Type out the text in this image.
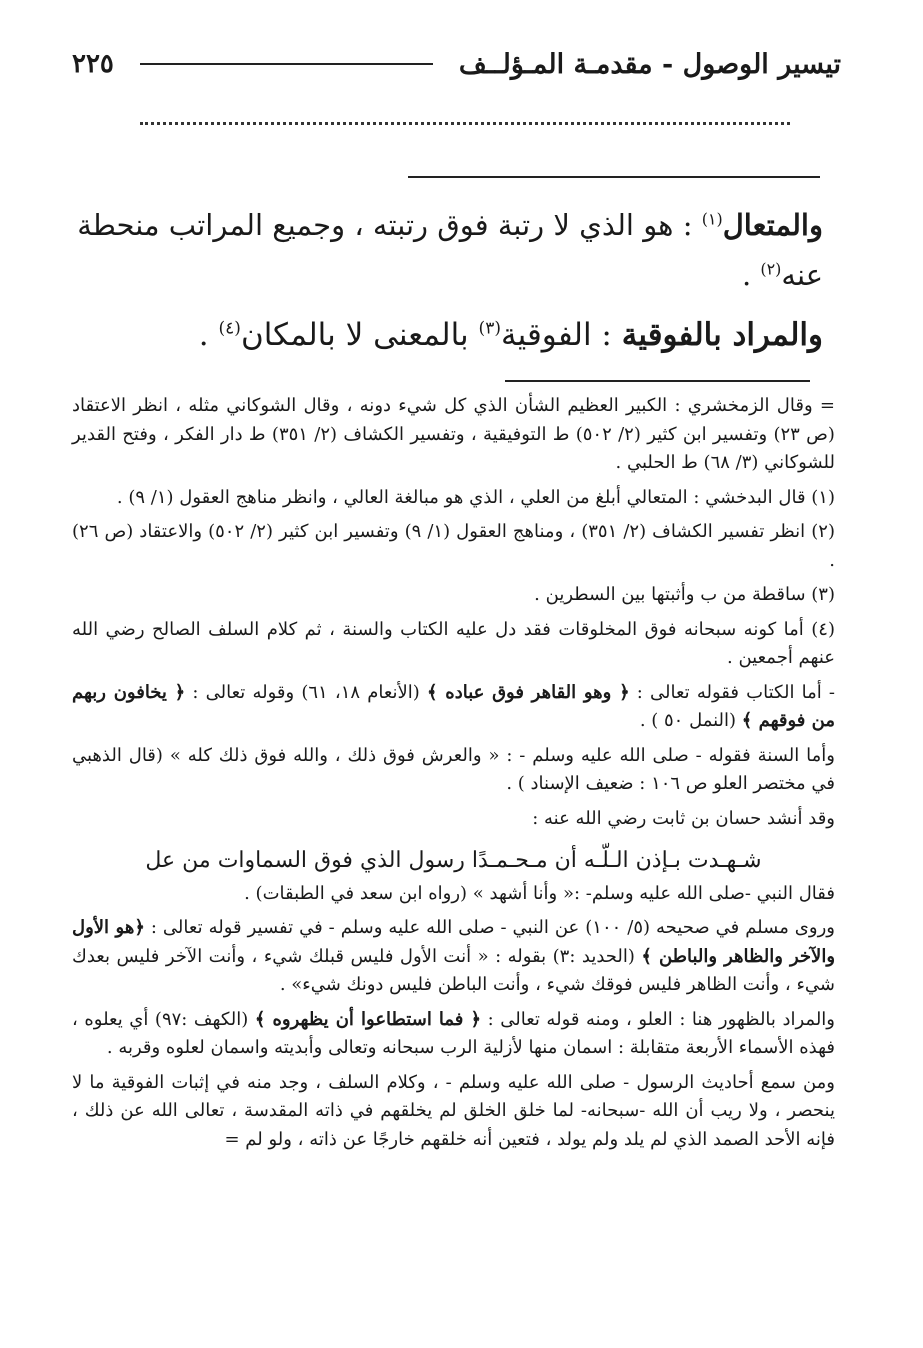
تيسير الوصول - مقدمـة المـؤلــف
٢٢٥
والمتعال$^{(١)}$ : هو الذي لا رتبة فوق رتبته ، وجميع المراتب منحطة عنه$^{(٢)}$ .
والمراد بالفوقية : الفوقية$^{(٣)}$ بالمعنى لا بالمكان$^{(٤)}$ .

= وقال الزمخشري : الكبير العظيم الشأن الذي كل شيء دونه ، وقال الشوكاني مثله ، انظر الاعتقاد (ص ٢٣) وتفسير ابن كثير (٢/ ٥٠٢) ط التوفيقية ، وتفسير الكشاف (٢/ ٣٥١) ط دار الفكر ، وفتح القدير للشوكاني (٣/ ٦٨) ط الحلبي .

(١) قال البدخشي : المتعالي أبلغ من العلي ، الذي هو مبالغة العالي ، وانظر مناهج العقول (١/ ٩) .

(٢) انظر تفسير الكشاف (٢/ ٣٥١) ، ومناهج العقول (١/ ٩) وتفسير ابن كثير (٢/ ٥٠٢) والاعتقاد (ص ٢٦) .

(٣) ساقطة من ب وأثبتها بين السطرين .

(٤) أما كونه سبحانه فوق المخلوقات فقد دل عليه الكتاب والسنة ، ثم كلام السلف الصالح رضي الله عنهم أجمعين .

- أما الكتاب فقوله تعالى : ﴿ وهو القاهر فوق عباده ﴾ (الأنعام ١٨، ٦١) وقوله تعالى : ﴿ يخافون ربهم من فوقهم ﴾ (النمل ٥٠ ) .

وأما السنة فقوله - صلى الله عليه وسلم - : « والعرش فوق ذلك ، والله فوق ذلك كله » (قال الذهبي في مختصر العلو ص ١٠٦ : ضعيف الإسناد ) .

وقد أنشد حسان بن ثابت رضي الله عنه :

شـهـدت بـإذن الـلّـه أن مـحـمـدًا رسول الذي فوق السماوات من عل

فقال النبي -صلى الله عليه وسلم- :« وأنا أشهد » (رواه ابن سعد في الطبقات) .

وروى مسلم في صحيحه (٥/ ١٠٠) عن النبي - صلى الله عليه وسلم - في تفسير قوله تعالى : ﴿هو الأول والآخر والظاهر والباطن ﴾ (الحديد :٣) بقوله : « أنت الأول فليس قبلك شيء ، وأنت الآخر فليس بعدك شيء ، وأنت الظاهر فليس فوقك شيء ، وأنت الباطن فليس دونك شيء» .

والمراد بالظهور هنا : العلو ، ومنه قوله تعالى : ﴿ فما استطاعوا أن يظهروه ﴾ (الكهف :٩٧) أي يعلوه ، فهذه الأسماء الأربعة متقابلة : اسمان منها لأزلية الرب سبحانه وتعالى وأبديته واسمان لعلوه وقربه .

ومن سمع أحاديث الرسول - صلى الله عليه وسلم - ، وكلام السلف ، وجد منه في إثبات الفوقية ما لا ينحصر ، ولا ريب أن الله -سبحانه- لما خلق الخلق لم يخلقهم في ذاته المقدسة ، تعالى الله عن ذلك ، فإنه الأحد الصمد الذي لم يلد ولم يولد ، فتعين أنه خلقهم خارجًا عن ذاته ، ولو لم =
